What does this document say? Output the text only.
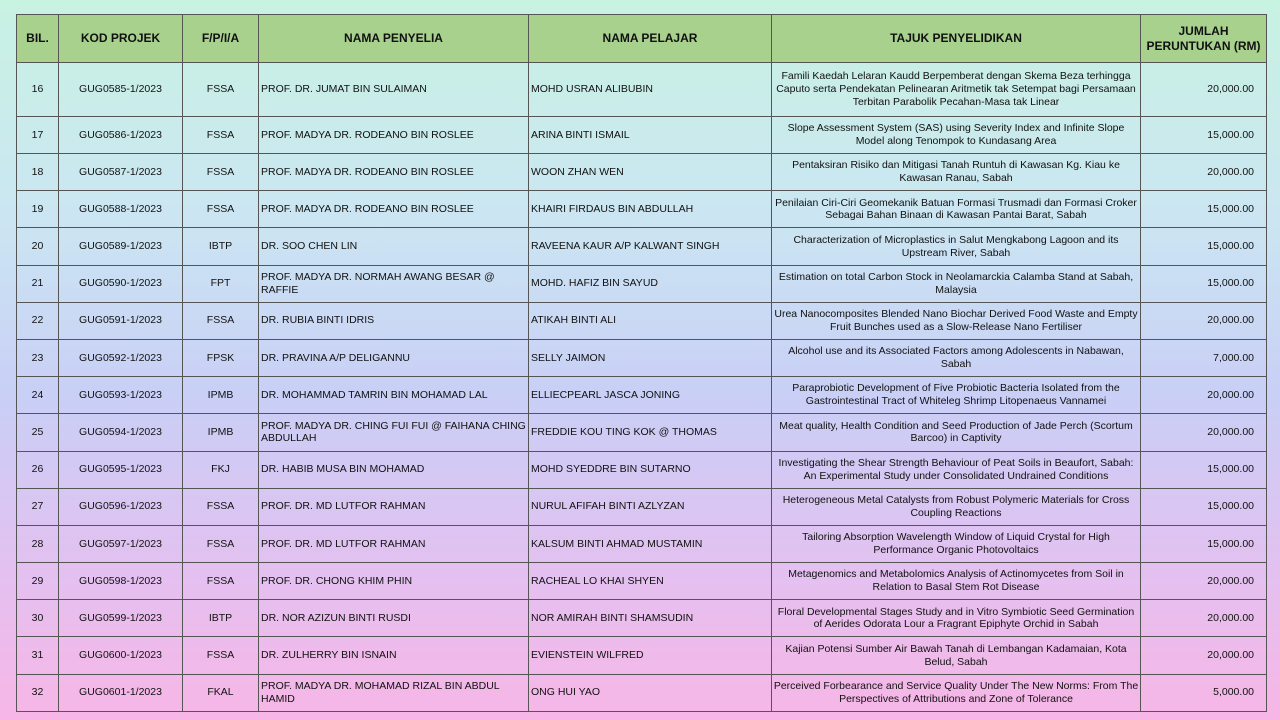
BIL.	KOD PROJEK	F/P/I/A	NAMA PENYELIA	NAMA PELAJAR	TAJUK PENYELIDIKAN	JUMLAH PERUNTUKAN (RM)
16	GUG0585-1/2023	FSSA	PROF. DR. JUMAT BIN SULAIMAN	MOHD USRAN ALIBUBIN	Famili Kaedah Lelaran Kaudd Berpemberat dengan Skema Beza terhingga Caputo serta Pendekatan Pelinearan Aritmetik tak Setempat bagi Persamaan Terbitan Parabolik Pecahan-Masa tak Linear	20,000.00
17	GUG0586-1/2023	FSSA	PROF. MADYA DR. RODEANO BIN ROSLEE	ARINA BINTI ISMAIL	Slope Assessment System (SAS) using Severity Index and Infinite Slope Model along Tenompok to Kundasang Area	15,000.00
18	GUG0587-1/2023	FSSA	PROF. MADYA DR. RODEANO BIN ROSLEE	WOON ZHAN WEN	Pentaksiran Risiko dan Mitigasi Tanah Runtuh di Kawasan Kg. Kiau ke Kawasan Ranau, Sabah	20,000.00
19	GUG0588-1/2023	FSSA	PROF. MADYA DR. RODEANO BIN ROSLEE	KHAIRI FIRDAUS BIN ABDULLAH	Penilaian Ciri-Ciri Geomekanik Batuan Formasi Trusmadi dan Formasi Croker Sebagai Bahan Binaan di Kawasan Pantai Barat, Sabah	15,000.00
20	GUG0589-1/2023	IBTP	DR. SOO CHEN LIN	RAVEENA KAUR A/P KALWANT SINGH	Characterization of Microplastics in Salut Mengkabong Lagoon and its Upstream River, Sabah	15,000.00
21	GUG0590-1/2023	FPT	PROF. MADYA DR. NORMAH AWANG BESAR @ RAFFIE	MOHD. HAFIZ BIN SAYUD	Estimation on total Carbon Stock in Neolamarckia Calamba Stand at Sabah, Malaysia	15,000.00
22	GUG0591-1/2023	FSSA	DR. RUBIA BINTI IDRIS	ATIKAH BINTI ALI	Urea Nanocomposites Blended Nano Biochar Derived Food Waste and Empty Fruit Bunches used as a Slow-Release Nano Fertiliser	20,000.00
23	GUG0592-1/2023	FPSK	DR. PRAVINA A/P DELIGANNU	SELLY JAIMON	Alcohol use and its Associated Factors among Adolescents in Nabawan, Sabah	7,000.00
24	GUG0593-1/2023	IPMB	DR. MOHAMMAD TAMRIN BIN MOHAMAD LAL	ELLIECPEARL JASCA JONING	Paraprobiotic Development of Five Probiotic Bacteria Isolated from the Gastrointestinal Tract of Whiteleg Shrimp Litopenaeus Vannamei	20,000.00
25	GUG0594-1/2023	IPMB	PROF. MADYA DR. CHING FUI FUI @ FAIHANA CHING ABDULLAH	FREDDIE KOU TING KOK @ THOMAS	Meat quality, Health Condition and Seed Production of Jade Perch (Scortum Barcoo) in Captivity	20,000.00
26	GUG0595-1/2023	FKJ	DR. HABIB MUSA BIN MOHAMAD	MOHD SYEDDRE BIN SUTARNO	Investigating the Shear Strength Behaviour of Peat Soils in Beaufort, Sabah: An Experimental Study under Consolidated Undrained Conditions	15,000.00
27	GUG0596-1/2023	FSSA	PROF. DR. MD LUTFOR RAHMAN	NURUL AFIFAH BINTI AZLYZAN	Heterogeneous Metal Catalysts from Robust Polymeric Materials for Cross Coupling Reactions	15,000.00
28	GUG0597-1/2023	FSSA	PROF. DR. MD LUTFOR RAHMAN	KALSUM BINTI AHMAD MUSTAMIN	Tailoring Absorption Wavelength Window of Liquid Crystal for High Performance Organic Photovoltaics	15,000.00
29	GUG0598-1/2023	FSSA	PROF. DR. CHONG KHIM PHIN	RACHEAL LO KHAI SHYEN	Metagenomics and Metabolomics Analysis of Actinomycetes from Soil in Relation to Basal Stem Rot Disease	20,000.00
30	GUG0599-1/2023	IBTP	DR. NOR AZIZUN BINTI RUSDI	NOR AMIRAH BINTI SHAMSUDIN	Floral Developmental Stages Study and in Vitro Symbiotic Seed Germination of Aerides Odorata Lour a Fragrant Epiphyte Orchid in Sabah	20,000.00
31	GUG0600-1/2023	FSSA	DR. ZULHERRY BIN ISNAIN	EVIENSTEIN WILFRED	Kajian Potensi Sumber Air Bawah Tanah di Lembangan Kadamaian, Kota Belud, Sabah	20,000.00
32	GUG0601-1/2023	FKAL	PROF. MADYA DR. MOHAMAD RIZAL BIN ABDUL HAMID	ONG HUI YAO	Perceived Forbearance and Service Quality Under The New Norms: From The Perspectives of Attributions and Zone of Tolerance	5,000.00
